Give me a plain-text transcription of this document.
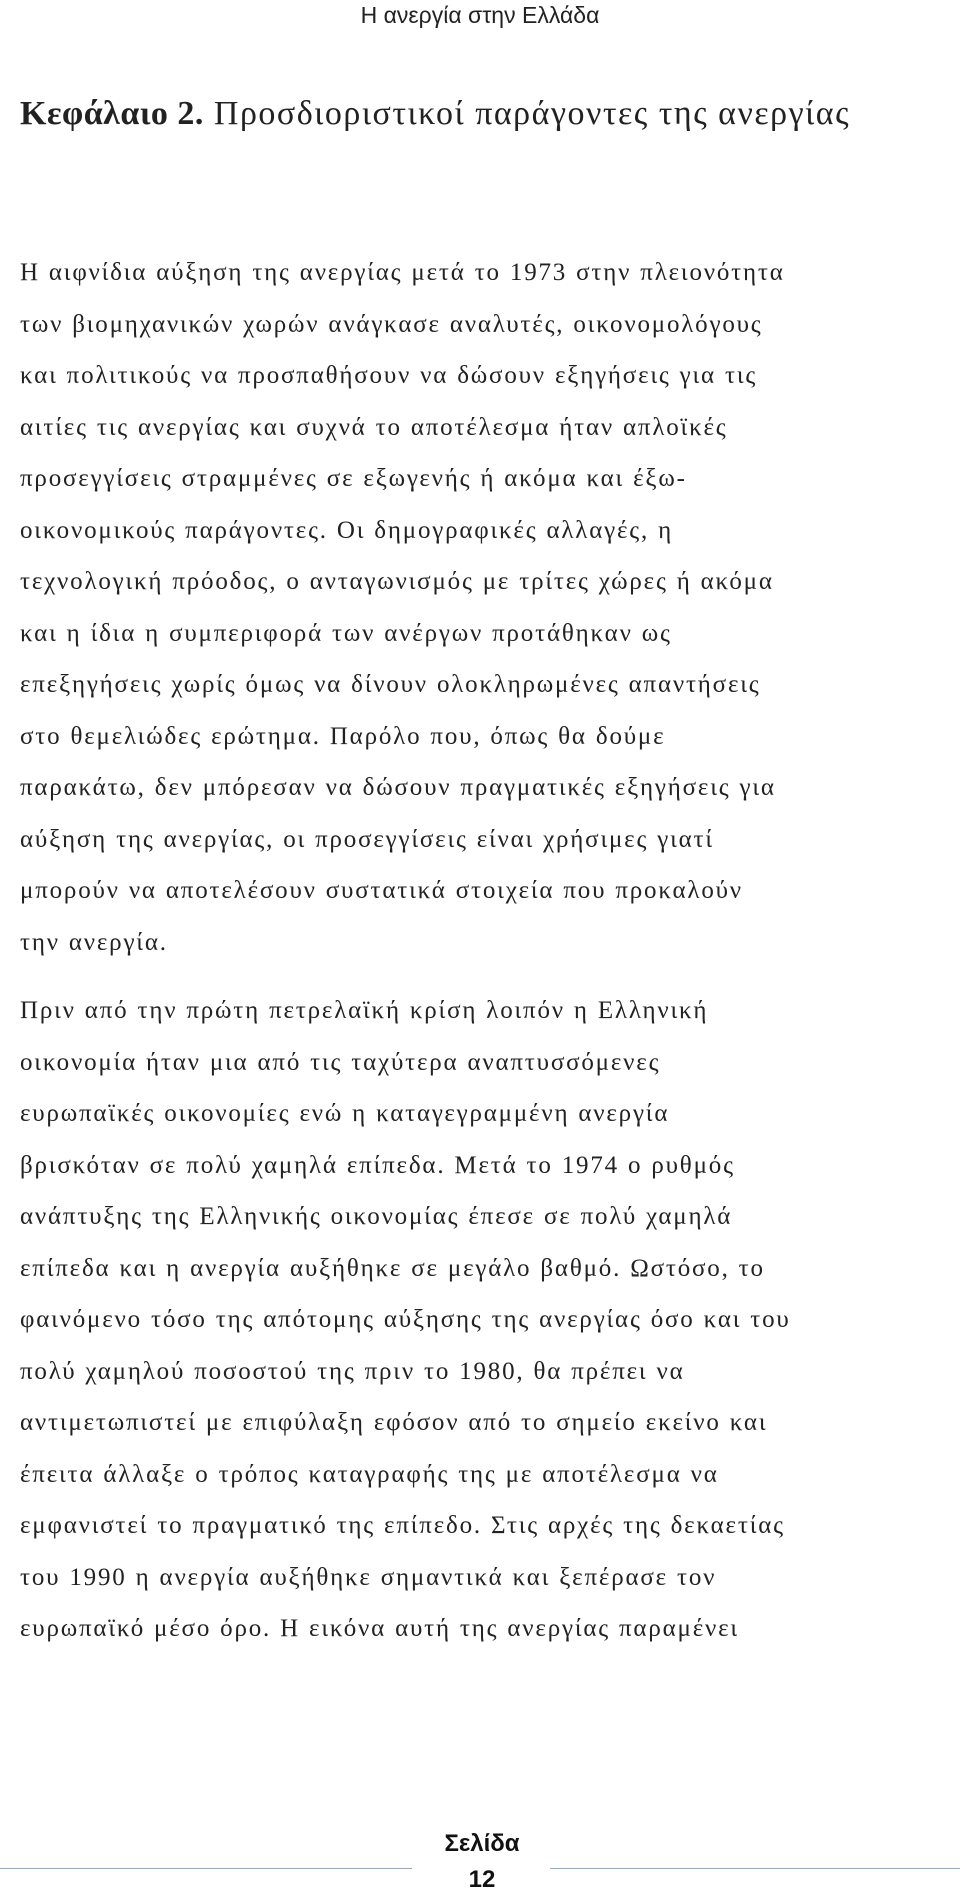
Η ανεργία στην Ελλάδα
Κεφάλαιο 2. Προσδιοριστικοί παράγοντες της ανεργίας

Η αιφνίδια αύξηση της ανεργίας μετά το 1973 στην πλειονότητα
των βιομηχανικών χωρών ανάγκασε αναλυτές, οικονομολόγους
και πολιτικούς να προσπαθήσουν να δώσουν εξηγήσεις για τις
αιτίες τις ανεργίας και συχνά το αποτέλεσμα ήταν απλοϊκές
προσεγγίσεις στραμμένες σε εξωγενής ή ακόμα και έξω-
οικονομικούς παράγοντες. Οι δημογραφικές αλλαγές, η
τεχνολογική πρόοδος, ο ανταγωνισμός με τρίτες χώρες ή ακόμα
και η ίδια η συμπεριφορά των ανέργων προτάθηκαν ως
επεξηγήσεις χωρίς όμως να δίνουν ολοκληρωμένες απαντήσεις
στο θεμελιώδες ερώτημα. Παρόλο που, όπως θα δούμε
παρακάτω, δεν μπόρεσαν να δώσουν πραγματικές εξηγήσεις για
αύξηση της ανεργίας, οι προσεγγίσεις είναι χρήσιμες γιατί
μπορούν να αποτελέσουν συστατικά στοιχεία που προκαλούν
την ανεργία.

Πριν από την πρώτη πετρελαϊκή κρίση λοιπόν η Ελληνική
οικονομία ήταν μια από τις ταχύτερα αναπτυσσόμενες
ευρωπαϊκές οικονομίες ενώ η καταγεγραμμένη ανεργία
βρισκόταν σε πολύ χαμηλά επίπεδα. Μετά το 1974 ο ρυθμός
ανάπτυξης της Ελληνικής οικονομίας έπεσε σε πολύ χαμηλά
επίπεδα και η ανεργία αυξήθηκε σε μεγάλο βαθμό. Ωστόσο, το
φαινόμενο τόσο της απότομης αύξησης της ανεργίας όσο και του
πολύ χαμηλού ποσοστού της πριν το 1980, θα πρέπει να
αντιμετωπιστεί με επιφύλαξη εφόσον από το σημείο εκείνο και
έπειτα άλλαξε ο τρόπος καταγραφής της με αποτέλεσμα να
εμφανιστεί το πραγματικό της επίπεδο. Στις αρχές της δεκαετίας
του 1990 η ανεργία αυξήθηκε σημαντικά και ξεπέρασε τον
ευρωπαϊκό μέσο όρο. Η εικόνα αυτή της ανεργίας παραμένει

Σελίδα
12
